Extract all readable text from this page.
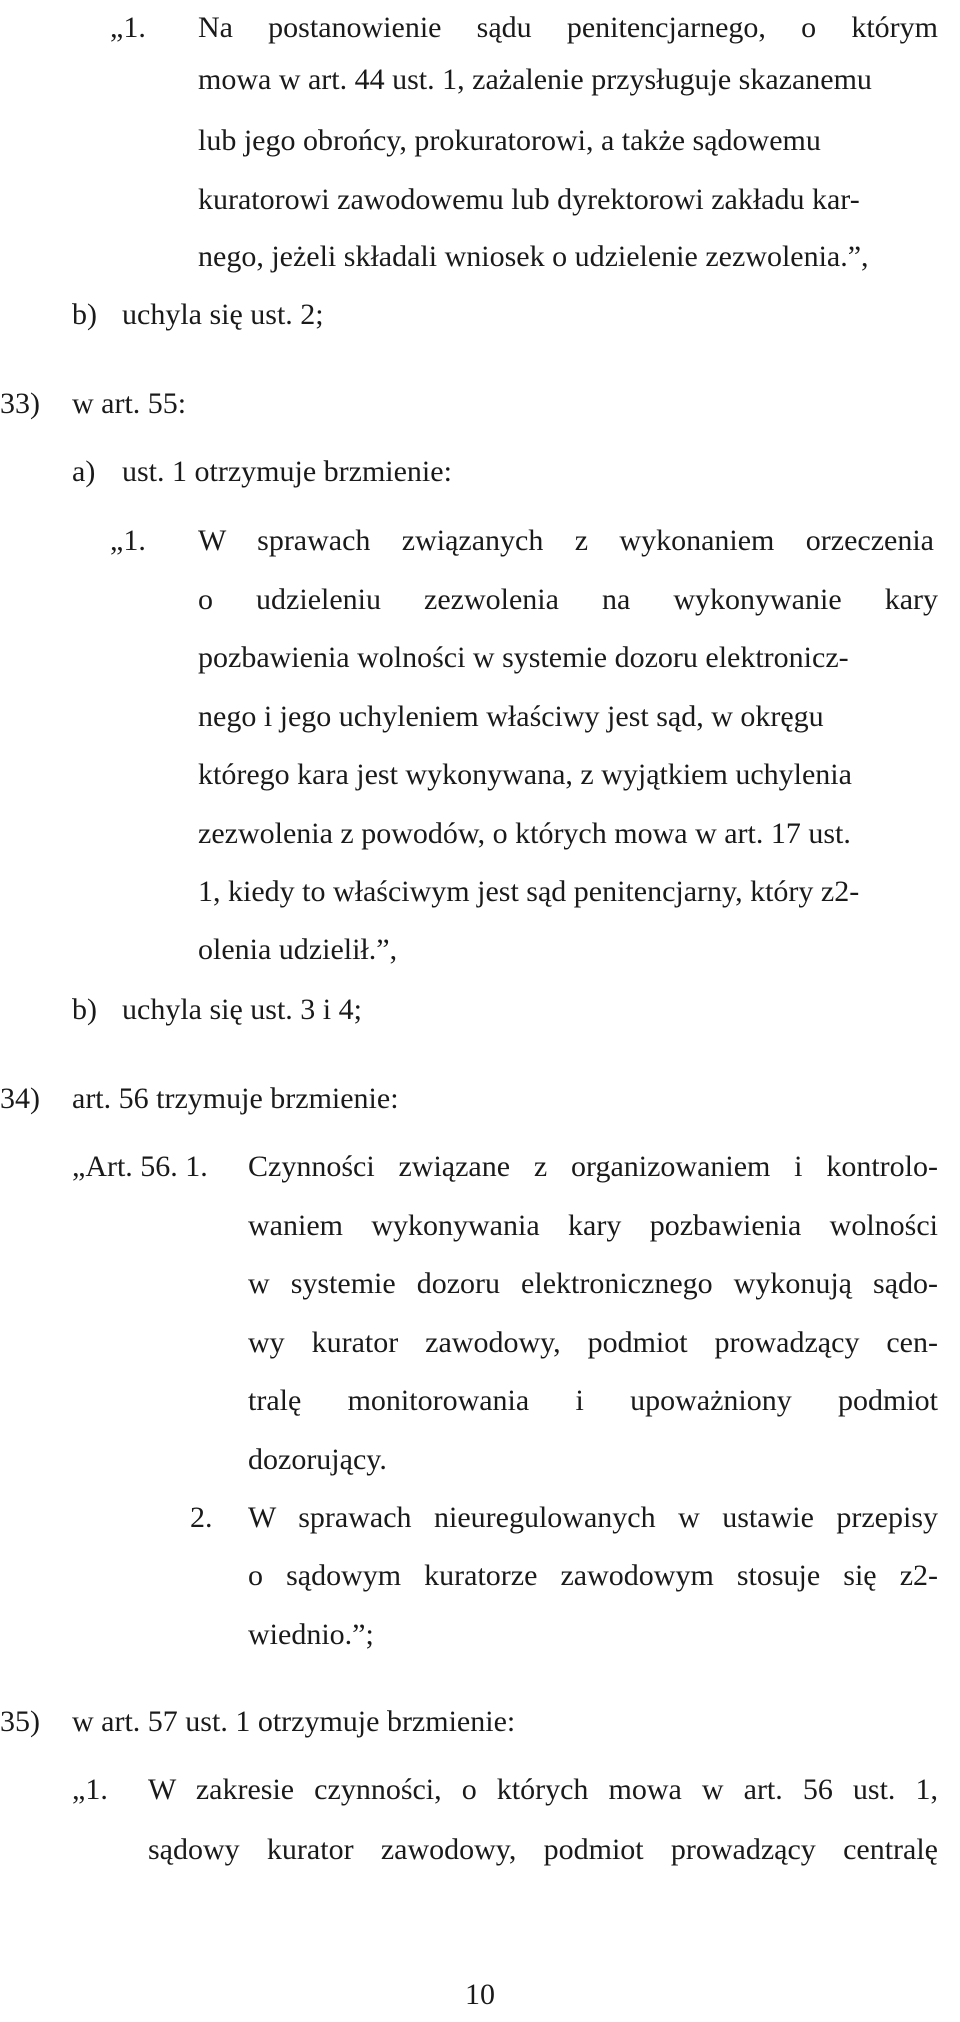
„1. Na postanowienie sądu penitencjarnego, o którym
mowa w art. 44 ust. 1, zażalenie przysługuje skazanemu
lub jego obrońcy, prokuratorowi, a także sądowemu
kuratorowi zawodowemu lub dyrektorowi zakładu kar-
nego, jeżeli składali wniosek o udzielenie zezwolenia.”,
b) uchyla się ust. 2;
33) w art. 55:
a) ust. 1 otrzymuje brzmienie:
„1. W sprawach związanych z wykonaniem orzeczenia
o udzieleniu zezwolenia na wykonywanie kary
pozbawienia wolności w systemie dozoru elektronicz-
nego i jego uchyleniem właściwy jest sąd, w okręgu
którego kara jest wykonywana, z wyjątkiem uchylenia
zezwolenia z powodów, o których mowa w art. 17 ust.
1, kiedy to właściwym jest sąd penitencjarny, który z2-
olenia udzielił.”,
b) uchyla się ust. 3 i 4;
34) art. 56 trzymuje brzmienie:
„Art. 56. 1. Czynności związane z organizowaniem i kontrolo-
waniem wykonywania kary pozbawienia wolności
w systemie dozoru elektronicznego wykonują sądo-
wy kurator zawodowy, podmiot prowadzący cen-
tralę monitorowania i upoważniony podmiot
dozorujący.
2. W sprawach nieuregulowanych w ustawie przepisy
o sądowym kuratorze zawodowym stosuje się z2-
wiednio.”;
35) w art. 57 ust. 1 otrzymuje brzmienie:
„1. W zakresie czynności, o których mowa w art. 56 ust. 1,
sądowy kurator zawodowy, podmiot prowadzący centralę
10
